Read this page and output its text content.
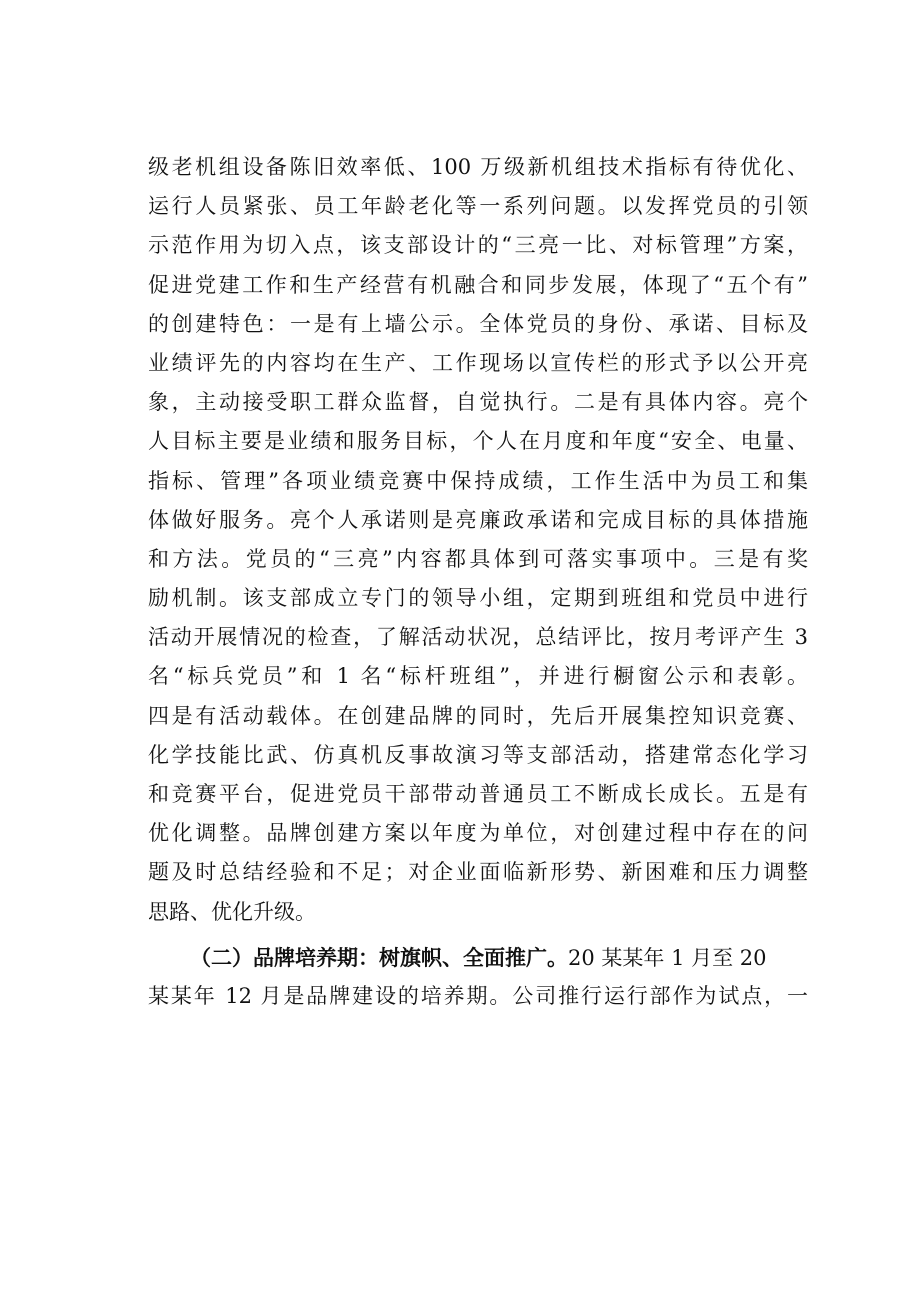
级老机组设备陈旧效率低、100 万级新机组技术指标有待优化、
运行人员紧张、员工年龄老化等一系列问题。以发挥党员的引领
示范作用为切入点，该支部设计的“三亮一比、对标管理”方案，
促进党建工作和生产经营有机融合和同步发展，体现了“五个有”
的创建特色：一是有上墙公示。全体党员的身份、承诺、目标及
业绩评先的内容均在生产、工作现场以宣传栏的形式予以公开亮
象，主动接受职工群众监督，自觉执行。二是有具体内容。亮个
人目标主要是业绩和服务目标，个人在月度和年度“安全、电量、
指标、管理”各项业绩竞赛中保持成绩，工作生活中为员工和集
体做好服务。亮个人承诺则是亮廉政承诺和完成目标的具体措施
和方法。党员的“三亮”内容都具体到可落实事项中。三是有奖
励机制。该支部成立专门的领导小组，定期到班组和党员中进行
活动开展情况的检查，了解活动状况，总结评比，按月考评产生 3
名“标兵党员”和 1 名“标杆班组”，并进行橱窗公示和表彰。
四是有活动载体。在创建品牌的同时，先后开展集控知识竞赛、
化学技能比武、仿真机反事故演习等支部活动，搭建常态化学习
和竞赛平台，促进党员干部带动普通员工不断成长成长。五是有
优化调整。品牌创建方案以年度为单位，对创建过程中存在的问
题及时总结经验和不足；对企业面临新形势、新困难和压力调整
思路、优化升级。
（二）品牌培养期：树旗帜、全面推广。20 某某年 1 月至 20
某某年 12 月是品牌建设的培养期。公司推行运行部作为试点，一
